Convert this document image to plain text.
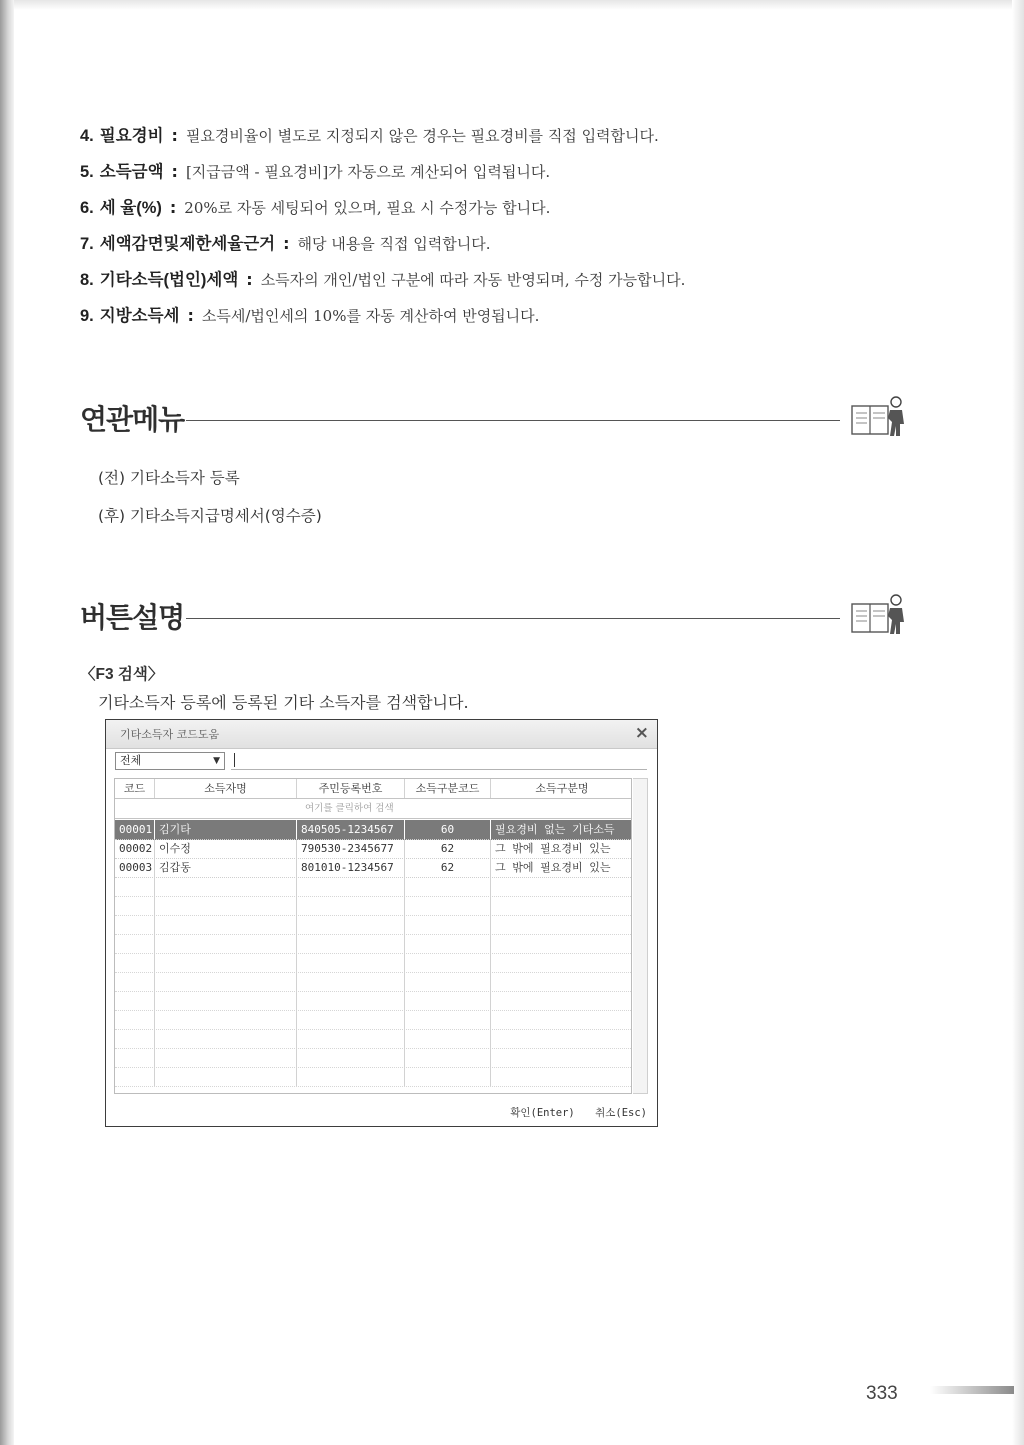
4. 필요경비 : 필요경비율이 별도로 지정되지 않은 경우는 필요경비를 직접 입력합니다.
5. 소득금액 : [지급금액 - 필요경비]가 자동으로 계산되어 입력됩니다.
6. 세 율(%) : 20%로 자동 세팅되어 있으며, 필요 시 수정가능 합니다.
7. 세액감면및제한세율근거 : 해당 내용을 직접 입력합니다.
8. 기타소득(법인)세액 : 소득자의 개인/법인 구분에 따라 자동 반영되며, 수정 가능합니다.
9. 지방소득세 : 소득세/법인세의 10%를 자동 계산하여 반영됩니다.
연관메뉴
(전) 기타소득자 등록
(후) 기타소득지급명세서(영수증)
버튼설명
〈F3 검색〉
기타소득자 등록에 등록된 기타 소득자를 검색합니다.
기타소득자 코드도움	×
전체	▼
코드	소득자명	주민등록번호	소득구분코드	소득구분명
여기를 클릭하여 검색
00001 김기타	840505-1234567	60	필요경비 없는 기타소득
00002 이수정	790530-2345677	62	그 밖에 필요경비 있는
00003 김갑동	801010-1234567	62	그 밖에 필요경비 있는
확인(Enter) 취소(Esc)
333
